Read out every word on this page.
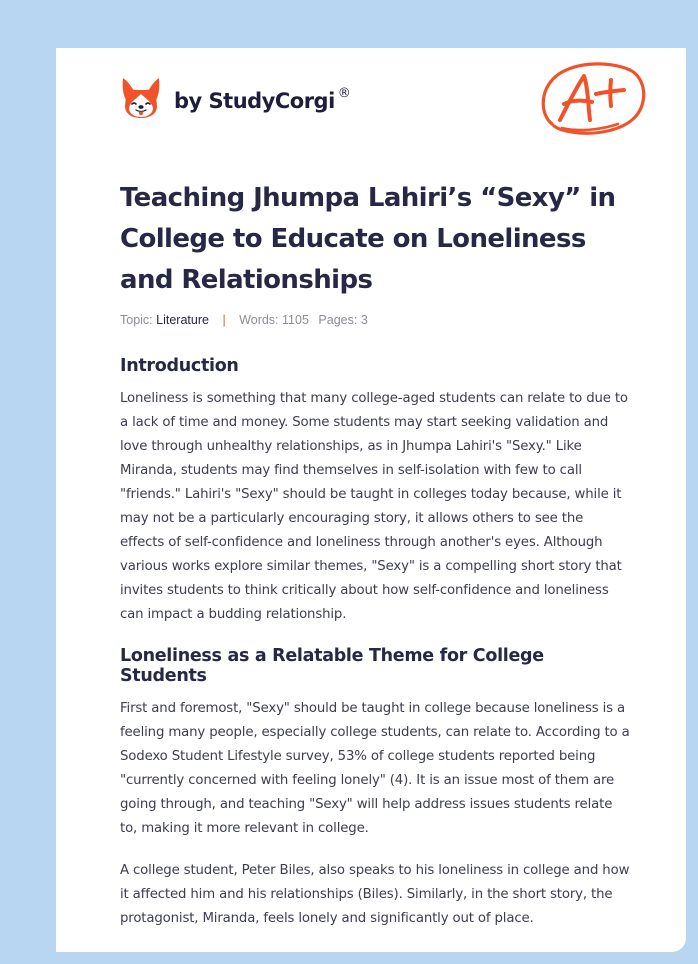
by StudyCorgi ®
Teaching Jhumpa Lahiri’s “Sexy” in College to Educate on Loneliness and Relationships
Topic: Literature | Words: 1105 Pages: 3
Introduction

Loneliness is something that many college-aged students can relate to due to a lack of time and money. Some students may start seeking validation and love through unhealthy relationships, as in Jhumpa Lahiri's "Sexy." Like Miranda, students may find themselves in self-isolation with few to call "friends." Lahiri's "Sexy" should be taught in colleges today because, while it may not be a particularly encouraging story, it allows others to see the effects of self-confidence and loneliness through another's eyes. Although various works explore similar themes, "Sexy" is a compelling short story that invites students to think critically about how self-confidence and loneliness can impact a budding relationship.

Loneliness as a Relatable Theme for College Students

First and foremost, "Sexy" should be taught in college because loneliness is a feeling many people, especially college students, can relate to. According to a Sodexo Student Lifestyle survey, 53% of college students reported being "currently concerned with feeling lonely" (4). It is an issue most of them are going through, and teaching "Sexy" will help address issues students relate to, making it more relevant in college.

A college student, Peter Biles, also speaks to his loneliness in college and how it affected him and his relationships (Biles). Similarly, in the short story, the protagonist, Miranda, feels lonely and significantly out of place.
